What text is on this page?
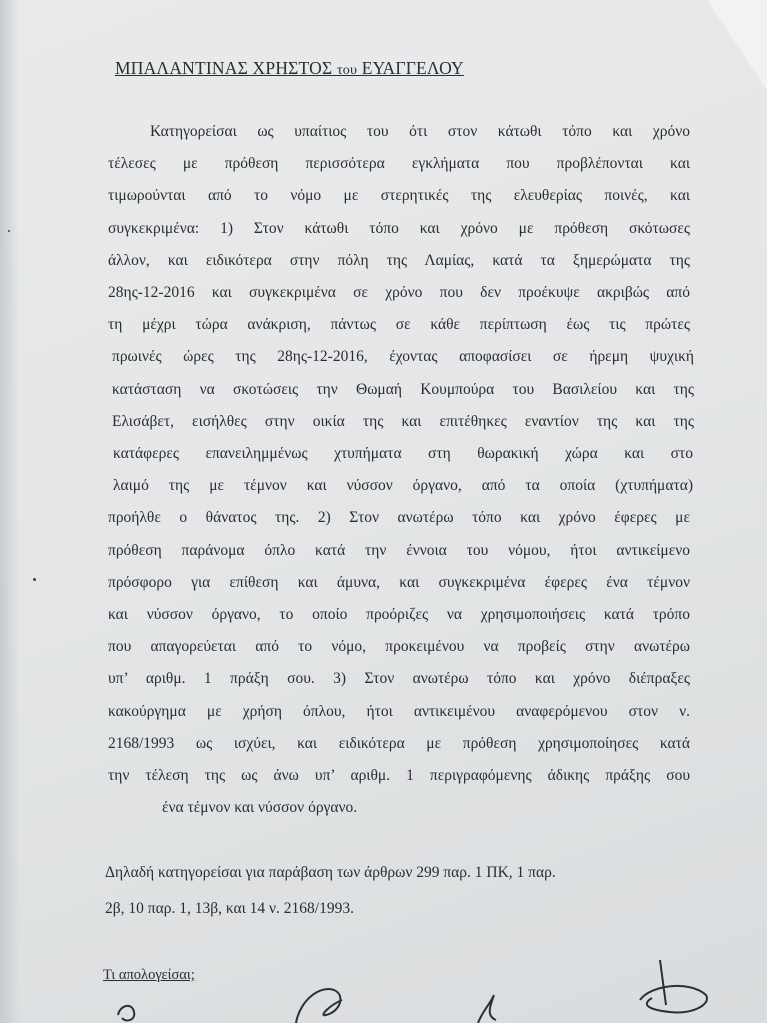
ΜΠΑΛΑΝΤΙΝΑΣ ΧΡΗΣΤΟΣ του ΕΥΑΓΓΕΛΟΥ
Κατηγορείσαι ως υπαίτιος του ότι στον κάτωθι τόπο και χρόνο
τέλεσες με πρόθεση περισσότερα εγκλήματα που προβλέπονται και
τιμωρούνται από το νόμο με στερητικές της ελευθερίας ποινές, και
συγκεκριμένα: 1) Στον κάτωθι τόπο και χρόνο με πρόθεση σκότωσες
άλλον, και ειδικότερα στην πόλη της Λαμίας, κατά τα ξημερώματα της
28ης-12-2016 και συγκεκριμένα σε χρόνο που δεν προέκυψε ακριβώς από
τη μέχρι τώρα ανάκριση, πάντως σε κάθε περίπτωση έως τις πρώτες
πρωινές ώρες της 28ης-12-2016, έχοντας αποφασίσει σε ήρεμη ψυχική
κατάσταση να σκοτώσεις την Θωμαή Κουμπούρα του Βασιλείου και της
Ελισάβετ, εισήλθες στην οικία της και επιτέθηκες εναντίον της και της
κατάφερες επανειλημμένως χτυπήματα στη θωρακική χώρα και στο
λαιμό της με τέμνον και νύσσον όργανο, από τα οποία (χτυπήματα)
προήλθε ο θάνατος της. 2) Στον ανωτέρω τόπο και χρόνο έφερες με
πρόθεση παράνομα όπλο κατά την έννοια του νόμου, ήτοι αντικείμενο
πρόσφορο για επίθεση και άμυνα, και συγκεκριμένα έφερες ένα τέμνον
και νύσσον όργανο, το οποίο προόριζες να χρησιμοποιήσεις κατά τρόπο
που απαγορεύεται από το νόμο, προκειμένου να προβείς στην ανωτέρω
υπ’ αριθμ. 1 πράξη σου. 3) Στον ανωτέρω τόπο και χρόνο διέπραξες
κακούργημα με χρήση όπλου, ήτοι αντικειμένου αναφερόμενου στον ν.
2168/1993 ως ισχύει, και ειδικότερα με πρόθεση χρησιμοποίησες κατά
την τέλεση της ως άνω υπ’ αριθμ. 1 περιγραφόμενης άδικης πράξης σου
ένα τέμνον και νύσσον όργανο.
Δηλαδή κατηγορείσαι για παράβαση των άρθρων 299 παρ. 1 ΠΚ, 1 παρ.
2β, 10 παρ. 1, 13β, και 14 ν. 2168/1993.
Τι απολογείσαι;
